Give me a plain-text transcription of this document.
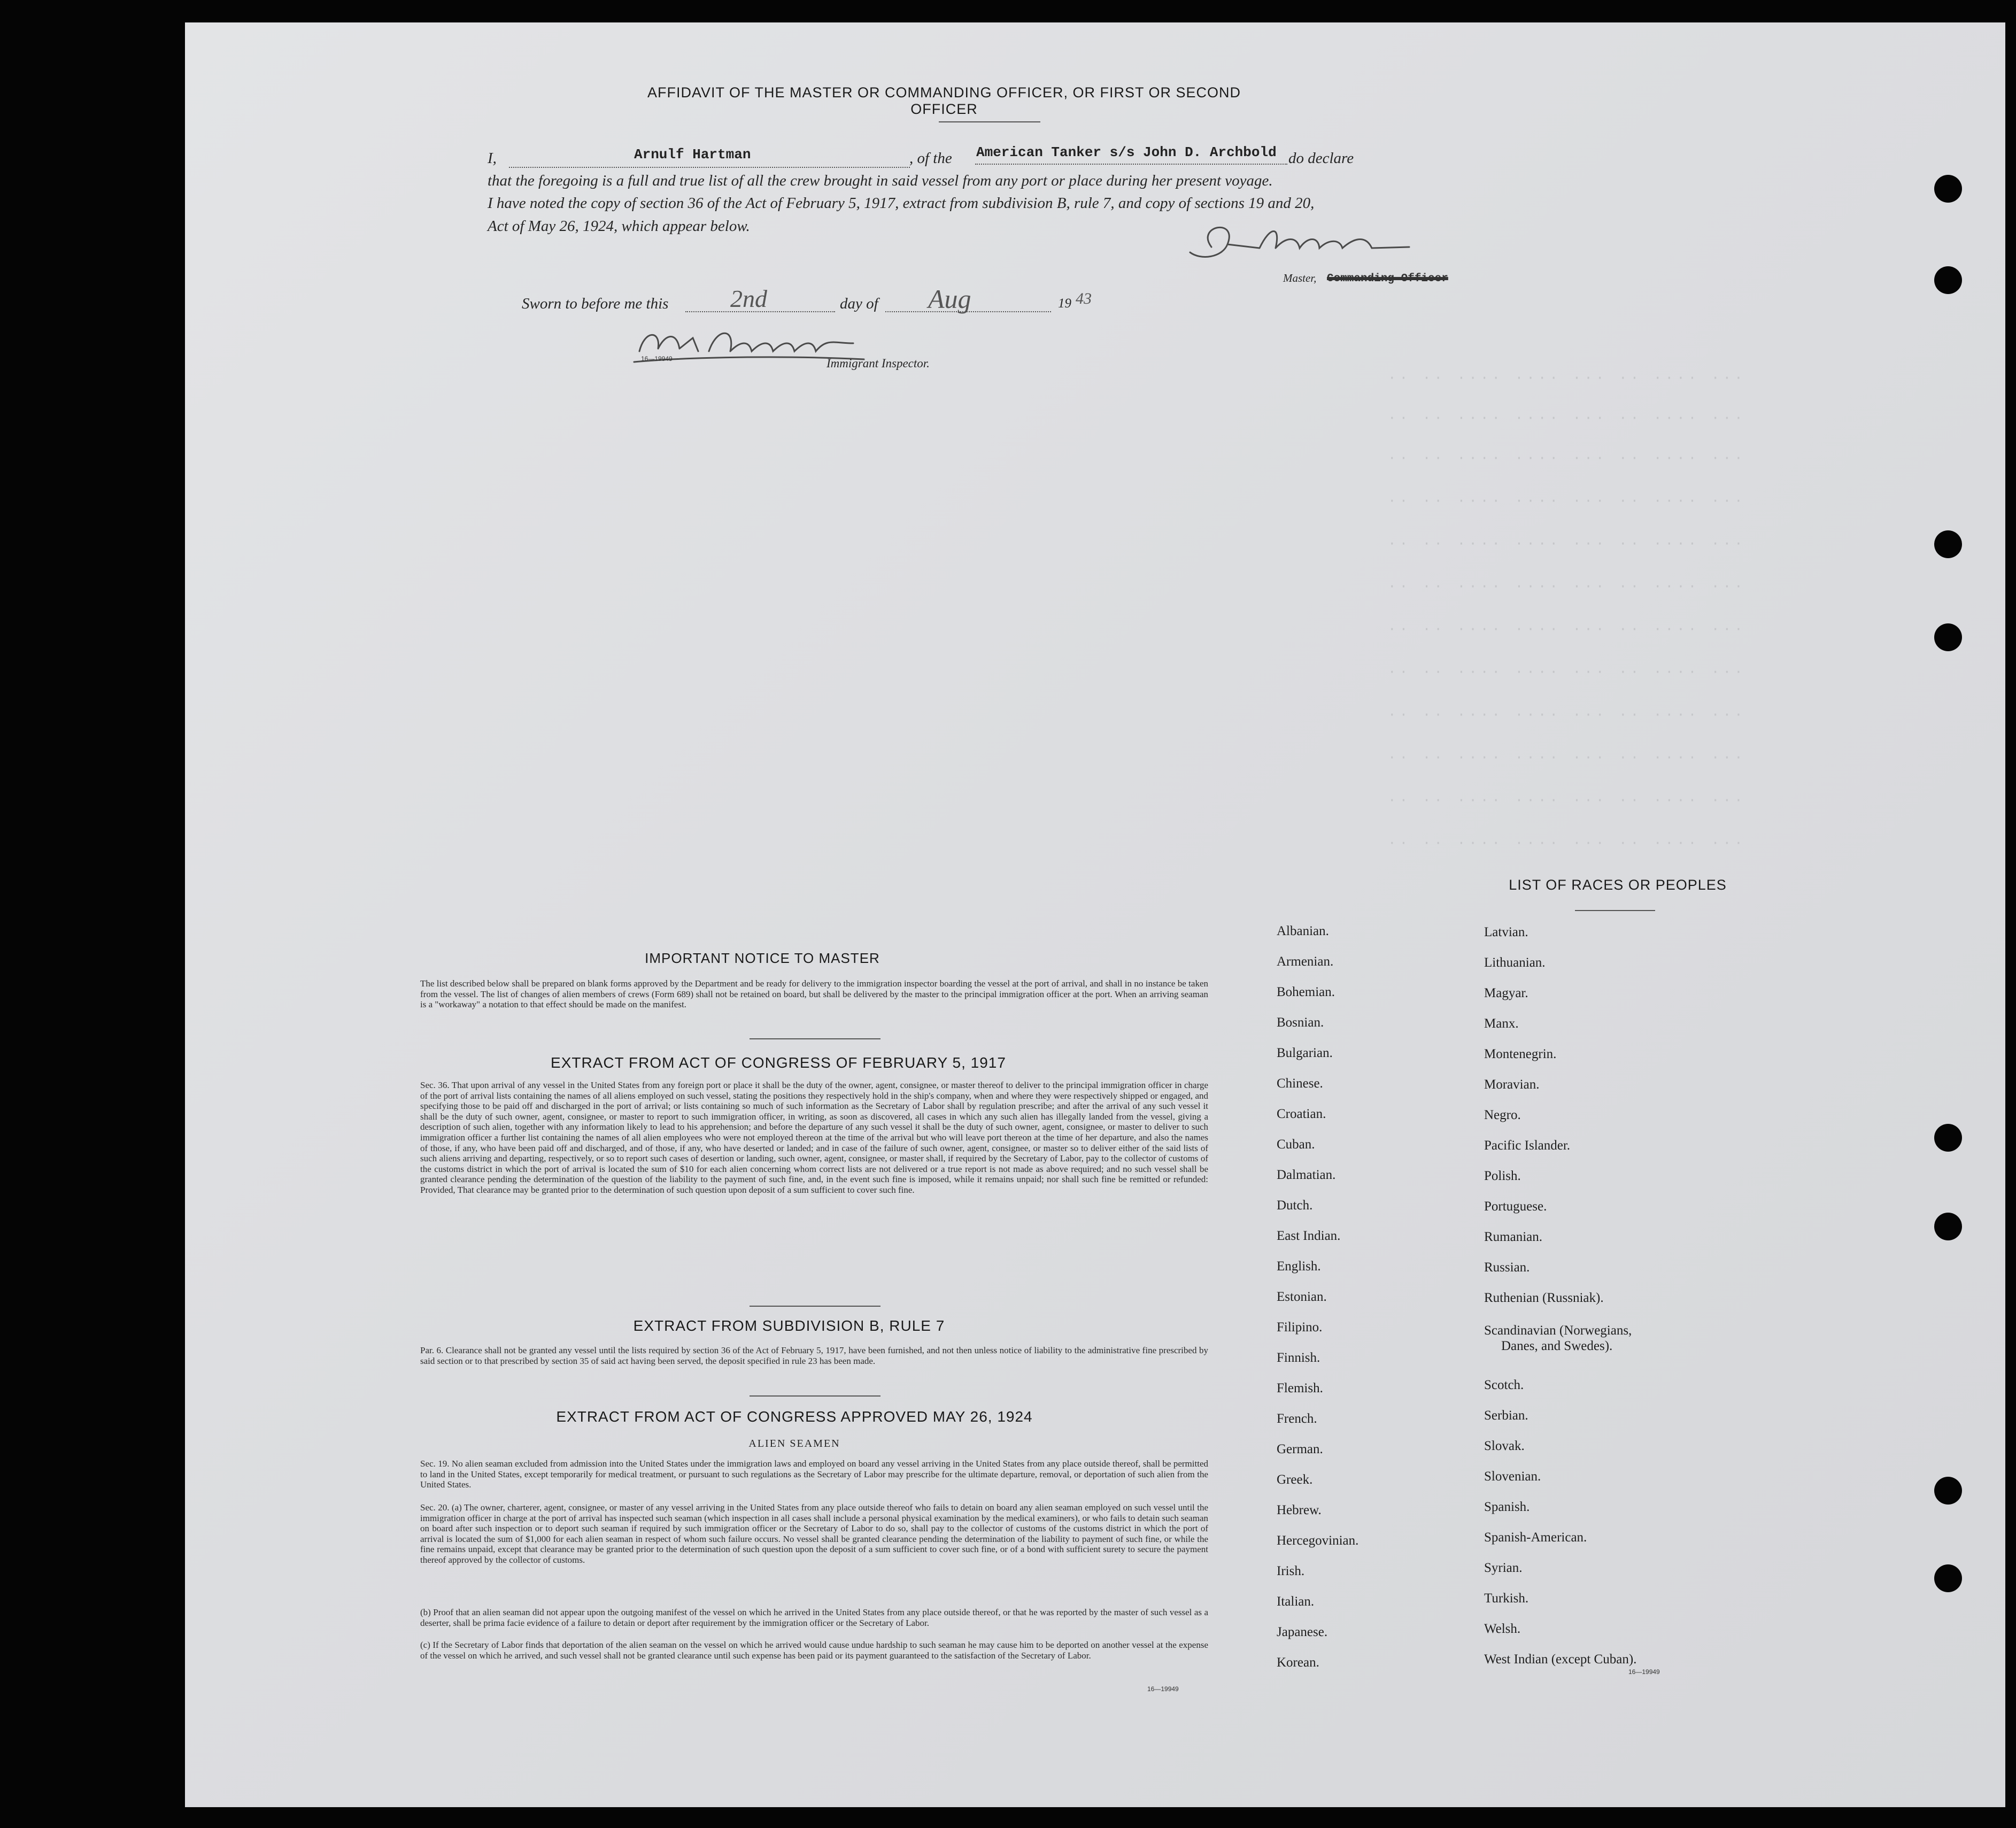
·· ·· ···· ···· ··· ·· ···· ···
·· ·· ···· ···· ··· ·· ···· ···
·· ·· ···· ···· ··· ·· ···· ···
·· ·· ···· ···· ··· ·· ···· ···
·· ·· ···· ···· ··· ·· ···· ···
·· ·· ···· ···· ··· ·· ···· ···
·· ·· ···· ···· ··· ·· ···· ···
·· ·· ···· ···· ··· ·· ···· ···
·· ·· ···· ···· ··· ·· ···· ···
·· ·· ···· ···· ··· ·· ···· ···
·· ·· ···· ···· ··· ·· ···· ···
·· ·· ···· ···· ··· ·· ···· ···
AFFIDAVIT OF THE MASTER OR COMMANDING OFFICER, OR FIRST OR SECOND OFFICER
I,	Arnulf Hartman	, of the American Tanker s/s John D. Archbold do declare
that the foregoing is a full and true list of all the crew brought in said vessel from any port or place during her present voyage.
I have noted the copy of section 36 of the Act of February 5, 1917, extract from subdivision B, rule 7, and copy of sections 19 and 20,
Act of May 26, 1924, which appear below.
Master, Commanding Officer
Sworn to before me this	2nd	day of Aug	19 43
16—19949	Immigrant Inspector.
IMPORTANT NOTICE TO MASTER
The list described below shall be prepared on blank forms approved by the Department and be ready for delivery to the immigration inspector boarding the vessel at the port of arrival, and shall in no instance be taken from the vessel. The list of changes of alien members of crews (Form 689) shall not be retained on board, but shall be delivered by the master to the principal immigration officer at the port. When an arriving seaman is a "workaway" a notation to that effect should be made on the manifest.
EXTRACT FROM ACT OF CONGRESS OF FEBRUARY 5, 1917
Sec. 36. That upon arrival of any vessel in the United States from any foreign port or place it shall be the duty of the owner, agent, consignee, or master thereof to deliver to the principal immigration officer in charge of the port of arrival lists containing the names of all aliens employed on such vessel, stating the positions they respectively hold in the ship's company, when and where they were respectively shipped or engaged, and specifying those to be paid off and discharged in the port of arrival; or lists containing so much of such information as the Secretary of Labor shall by regulation prescribe; and after the arrival of any such vessel it shall be the duty of such owner, agent, consignee, or master to report to such immigration officer, in writing, as soon as discovered, all cases in which any such alien has illegally landed from the vessel, giving a description of such alien, together with any information likely to lead to his apprehension; and before the departure of any such vessel it shall be the duty of such owner, agent, consignee, or master to deliver to such immigration officer a further list containing the names of all alien employees who were not employed thereon at the time of the arrival but who will leave port thereon at the time of her departure, and also the names of those, if any, who have been paid off and discharged, and of those, if any, who have deserted or landed; and in case of the failure of such owner, agent, consignee, or master so to deliver either of the said lists of such aliens arriving and departing, respectively, or so to report such cases of desertion or landing, such owner, agent, consignee, or master shall, if required by the Secretary of Labor, pay to the collector of customs of the customs district in which the port of arrival is located the sum of $10 for each alien concerning whom correct lists are not delivered or a true report is not made as above required; and no such vessel shall be granted clearance pending the determination of the question of the liability to the payment of such fine, and, in the event such fine is imposed, while it remains unpaid; nor shall such fine be remitted or refunded: Provided, That clearance may be granted prior to the determination of such question upon deposit of a sum sufficient to cover such fine.
EXTRACT FROM SUBDIVISION B, RULE 7
Par. 6. Clearance shall not be granted any vessel until the lists required by section 36 of the Act of February 5, 1917, have been furnished, and not then unless notice of liability to the administrative fine prescribed by said section or to that prescribed by section 35 of said act having been served, the deposit specified in rule 23 has been made.
EXTRACT FROM ACT OF CONGRESS APPROVED MAY 26, 1924
ALIEN SEAMEN
Sec. 19. No alien seaman excluded from admission into the United States under the immigration laws and employed on board any vessel arriving in the United States from any place outside thereof, shall be permitted to land in the United States, except temporarily for medical treatment, or pursuant to such regulations as the Secretary of Labor may prescribe for the ultimate departure, removal, or deportation of such alien from the United States.
Sec. 20. (a) The owner, charterer, agent, consignee, or master of any vessel arriving in the United States from any place outside thereof who fails to detain on board any alien seaman employed on such vessel until the immigration officer in charge at the port of arrival has inspected such seaman (which inspection in all cases shall include a personal physical examination by the medical examiners), or who fails to detain such seaman on board after such inspection or to deport such seaman if required by such immigration officer or the Secretary of Labor to do so, shall pay to the collector of customs of the customs district in which the port of arrival is located the sum of $1,000 for each alien seaman in respect of whom such failure occurs. No vessel shall be granted clearance pending the determination of the liability to payment of such fine, or while the fine remains unpaid, except that clearance may be granted prior to the determination of such question upon the deposit of a sum sufficient to cover such fine, or of a bond with sufficient surety to secure the payment thereof approved by the collector of customs.
(b) Proof that an alien seaman did not appear upon the outgoing manifest of the vessel on which he arrived in the United States from any place outside thereof, or that he was reported by the master of such vessel as a deserter, shall be prima facie evidence of a failure to detain or deport after requirement by the immigration officer or the Secretary of Labor.
(c) If the Secretary of Labor finds that deportation of the alien seaman on the vessel on which he arrived would cause undue hardship to such seaman he may cause him to be deported on another vessel at the expense of the vessel on which he arrived, and such vessel shall not be granted clearance until such expense has been paid or its payment guaranteed to the satisfaction of the Secretary of Labor.
16—19949
LIST OF RACES OR PEOPLES
Albanian.
Armenian.
Bohemian.
Bosnian.
Bulgarian.
Chinese.
Croatian.
Cuban.
Dalmatian.
Dutch.
East Indian.
English.
Estonian.
Filipino.
Finnish.
Flemish.
French.
German.
Greek.
Hebrew.
Hercegovinian.
Irish.
Italian.
Japanese.
Korean.
Latvian.
Lithuanian.
Magyar.
Manx.
Montenegrin.
Moravian.
Negro.
Pacific Islander.
Polish.
Portuguese.
Rumanian.
Russian.
Ruthenian (Russniak).
Scandinavian (Norwegians,
Danes, and Swedes).
Scotch.
Serbian.
Slovak.
Slovenian.
Spanish.
Spanish-American.
Syrian.
Turkish.
Welsh.
West Indian (except Cuban).
16—19949
